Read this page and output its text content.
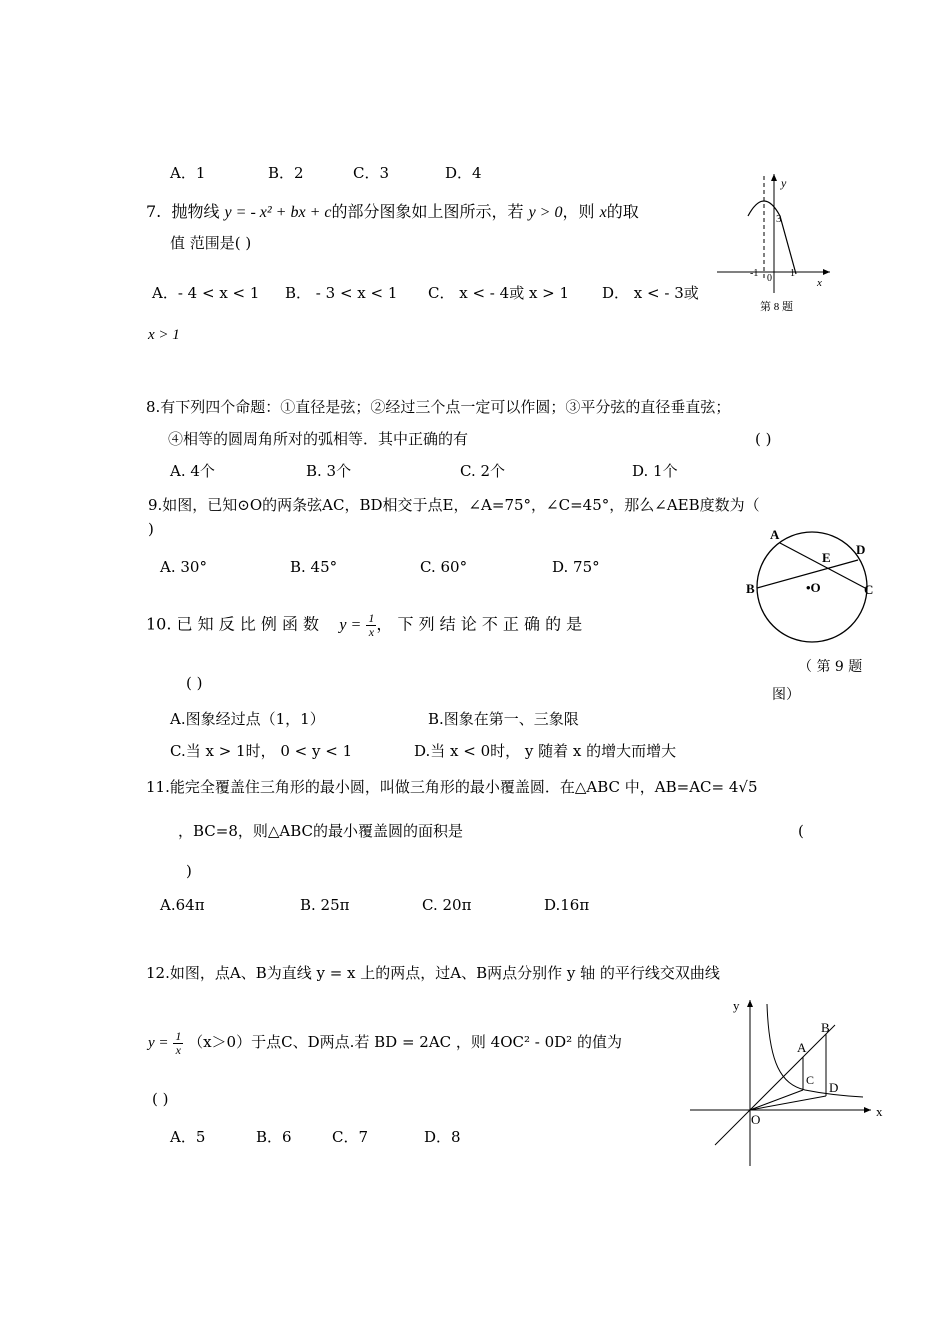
A．1	B．2	C．3	D．4
7. 抛物线 y = - x² + bx + c的部分图象如上图所示，若 y > 0，则 x的取
值 范围是( )
A．- 4 < x < 1 B． - 3 < x < 1 C． x < - 4或 x > 1 D． x < - 3或
x > 1
y
x
3
-1 0 1
第 8 题
8.有下列四个命题：①直径是弦；②经过三个点一定可以作圆；③平分弦的直径垂直弦；
④相等的圆周角所对的弧相等．其中正确的有	( )
A. 4个	B. 3个	C. 2个	D. 1个
9.如图，已知⊙O的两条弦AC，BD相交于点E，∠A=75°，∠C=45°，那么∠AEB度数为（
)
A. 30°	B. 45°	C. 60°	D. 75°
A
B	C
D
E
•O
（ 第 9 题
图）
10. 已 知 反 比 例 函 数 $y = \frac{1}{x}$ ， 下 列 结 论 不 正 确 的 是
( )
A.图象经过点（1，1）	B.图象在第一、三象限
C.当 x > 1时， 0 < y < 1	D.当 x < 0时， y 随着 x 的增大而增大
11.能完全覆盖住三角形的最小圆，叫做三角形的最小覆盖圆．在△ABC 中，AB=AC= 4√5
，BC=8，则△ABC的最小覆盖圆的面积是	(
)
A.64π	B. 25π	C. 20π	D.16π
12.如图，点A、B为直线 y = x 上的两点，过A、B两点分别作 y 轴 的平行线交双曲线
$y = \frac{1}{x} (x>0)$于点C、D两点.若 BD = 2AC ，则 4OC² - 0D² 的值为
( )
A．5	B．6	C．7	D．8
y
x
O
A
B
C D
